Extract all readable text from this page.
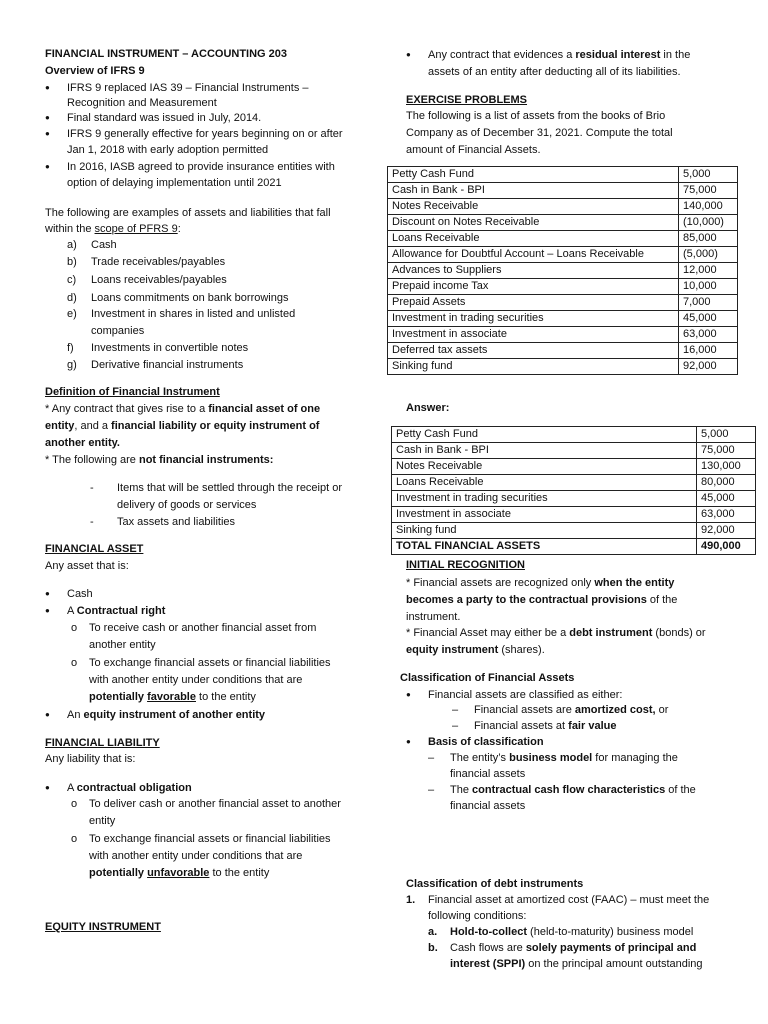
FINANCIAL INSTRUMENT – ACCOUNTING 203
Overview of IFRS 9
● IFRS 9 replaced IAS 39 – Financial Instruments –
Recognition and Measurement
● Final standard was issued in July, 2014.
● IFRS 9 generally effective for years beginning on or after
Jan 1, 2018 with early adoption permitted
● In 2016, IASB agreed to provide insurance entities with
option of delaying implementation until 2021
The following are examples of assets and liabilities that fall
within the scope of PFRS 9:
a) Cash
b) Trade receivables/payables
c) Loans receivables/payables
d) Loans commitments on bank borrowings
e) Investment in shares in listed and unlisted
companies
f) Investments in convertible notes
g) Derivative financial instruments
Definition of Financial Instrument
* Any contract that gives rise to a financial asset of one
entity, and a financial liability or equity instrument of
another entity.
* The following are not financial instruments:
- Items that will be settled through the receipt or
delivery of goods or services
- Tax assets and liabilities
FINANCIAL ASSET
Any asset that is:
● Cash
● A Contractual right
o To receive cash or another financial asset from
another entity
o To exchange financial assets or financial liabilities
with another entity under conditions that are
potentially favorable to the entity
● An equity instrument of another entity
FINANCIAL LIABILITY
Any liability that is:
● A contractual obligation
o To deliver cash or another financial asset to another
entity
o To exchange financial assets or financial liabilities
with another entity under conditions that are
potentially unfavorable to the entity
EQUITY INSTRUMENT
● Any contract that evidences a residual interest in the
assets of an entity after deducting all of its liabilities.
EXERCISE PROBLEMS
The following is a list of assets from the books of Brio
Company as of December 31, 2021. Compute the total
amount of Financial Assets.
Petty Cash Fund	5,000
Cash in Bank - BPI	75,000
Notes Receivable	140,000
Discount on Notes Receivable	(10,000)
Loans Receivable	85,000
Allowance for Doubtful Account – Loans Receivable	(5,000)
Advances to Suppliers	12,000
Prepaid income Tax	10,000
Prepaid Assets	7,000
Investment in trading securities	45,000
Investment in associate	63,000
Deferred tax assets	16,000
Sinking fund	92,000
Answer:
Petty Cash Fund	5,000
Cash in Bank - BPI	75,000
Notes Receivable	130,000
Loans Receivable	80,000
Investment in trading securities	45,000
Investment in associate	63,000
Sinking fund	92,000
TOTAL FINANCIAL ASSETS	490,000
INITIAL RECOGNITION
* Financial assets are recognized only when the entity
becomes a party to the contractual provisions of the
instrument.
* Financial Asset may either be a debt instrument (bonds) or
equity instrument (shares).
Classification of Financial Assets
● Financial assets are classified as either:
– Financial assets are amortized cost, or
– Financial assets at fair value
● Basis of classification
– The entity’s business model for managing the
financial assets
– The contractual cash flow characteristics of the
financial assets
Classification of debt instruments
1. Financial asset at amortized cost (FAAC) – must meet the
following conditions:
a. Hold-to-collect (held-to-maturity) business model
b. Cash flows are solely payments of principal and
interest (SPPI) on the principal amount outstanding
